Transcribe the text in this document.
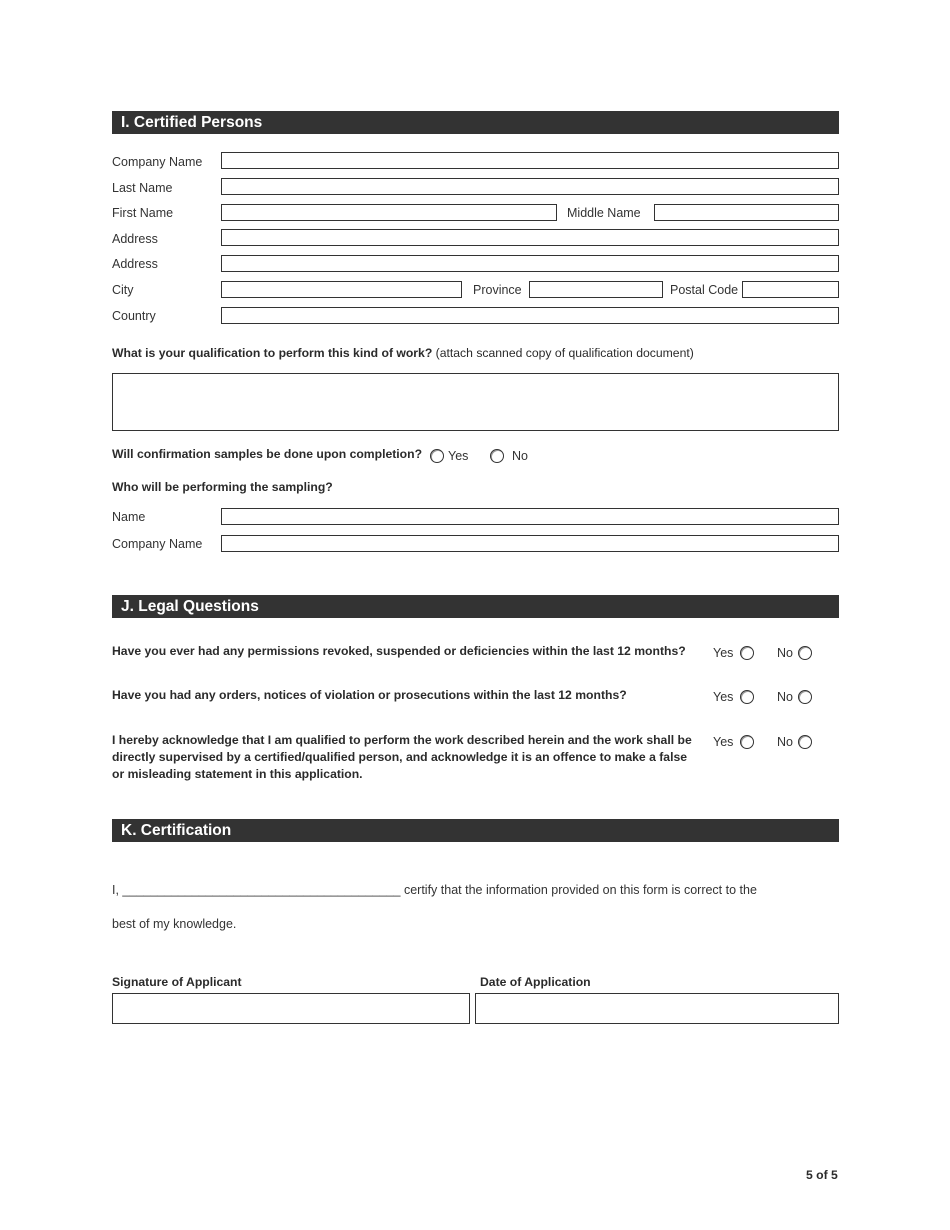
I. Certified Persons
Company Name
Last Name
First Name	Middle Name
Address
Address
City	Province	Postal Code
Country
What is your qualification to perform this kind of work? (attach scanned copy of qualification document)
Will confirmation samples be done upon completion? Yes	No
Who will be performing the sampling?
Name
Company Name
J. Legal Questions
Have you ever had any permissions revoked, suspended or deficiencies within the last 12 months? Yes	No
Have you had any orders, notices of violation or prosecutions within the last 12 months?	Yes	No
I hereby acknowledge that I am qualified to perform the work described herein and the work shall be
directly supervised by a certified/qualified person, and acknowledge it is an offence to make a false
or misleading statement in this application.
Yes	No
K. Certification
I, ________________________________________ certify that the information provided on this form is correct to the
best of my knowledge.
Signature of Applicant	Date of Application
5 of 5
